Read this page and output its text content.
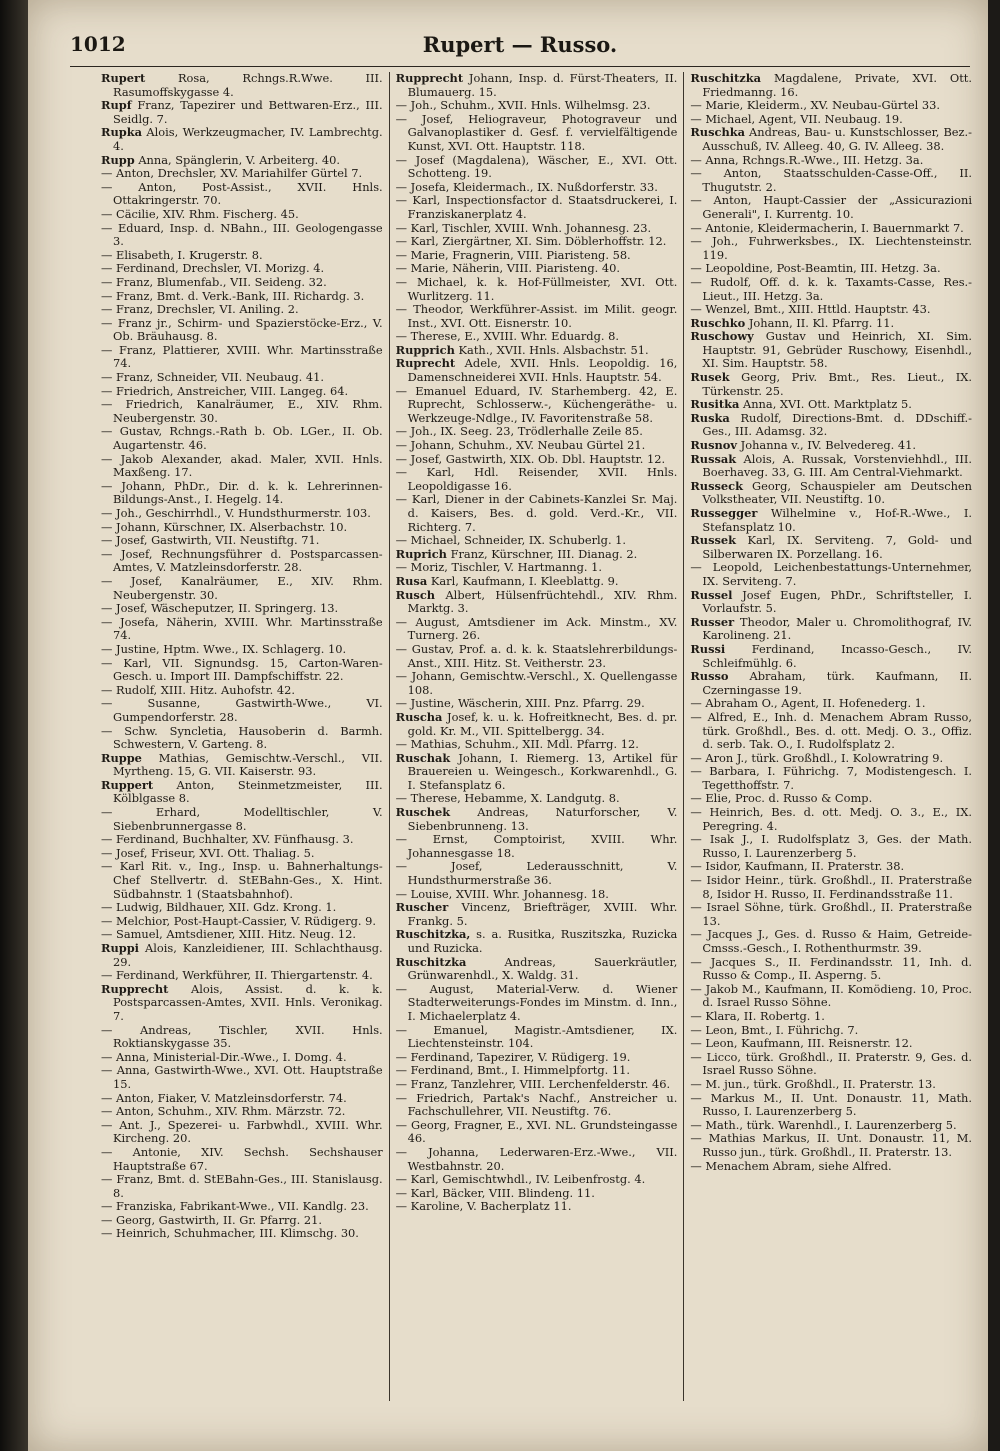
1012	Rupert — Russo.

Rupert	Rosa, Rchngs.R.Wwe. III. Rasumoffskygasse 4.

Rupf Franz, Tapezirer und Bettwaren-Erz., III. Seidlg. 7.

Rupka Alois, Werkzeugmacher, IV. Lambrechtg. 4.

Rupp Anna, Spänglerin, V. Arbeiterg. 40.

— Anton, Drechsler, XV. Mariahilfer Gürtel 7.

— Anton, Post-Assist., XVII. Hnls. Ottakringerstr. 70.

— Cäcilie, XIV. Rhm. Fischerg. 45.

— Eduard, Insp. d. NBahn., III. Geologengasse 3.

— Elisabeth, I. Krugerstr. 8.

— Ferdinand, Drechsler, VI. Morizg. 4.

— Franz, Blumenfab., VII. Seideng. 32.

— Franz, Bmt. d. Verk.-Bank, III. Richardg. 3.

— Franz, Drechsler, VI. Aniling. 2.

— Franz jr., Schirm- und Spazierstöcke-Erz., V. Ob. Bräuhausg. 8.

— Franz, Plattierer, XVIII. Whr. Martinsstraße 74.

— Franz, Schneider, VII. Neubaug. 41.

— Friedrich, Anstreicher, VIII. Langeg. 64.

— Friedrich, Kanalräumer, E., XIV. Rhm. Neubergenstr. 30.

— Gustav, Rchngs.-Rath b. Ob. LGer., II. Ob. Augartenstr. 46.

— Jakob Alexander, akad. Maler, XVII. Hnls. Maxßeng. 17.

— Johann, PhDr., Dir. d. k. k. Lehrerinnen-Bildungs-Anst., I. Hegelg. 14.

— Joh., Geschirrhdl., V. Hundsthurmerstr. 103.

— Johann, Kürschner, IX. Alserbachstr. 10.

— Josef, Gastwirth, VII. Neustiftg. 71.

— Josef, Rechnungsführer d. Postsparcassen-Amtes, V. Matzleinsdorferstr. 28.

— Josef, Kanalräumer, E., XIV. Rhm. Neubergenstr. 30.

— Josef, Wäscheputzer, II. Springerg. 13.

— Josefa, Näherin, XVIII. Whr. Martinsstraße 74.

— Justine, Hptm. Wwe., IX. Schlagerg. 10.

— Karl, VII. Signundsg. 15, Carton-Waren-Gesch. u. Import III. Dampfschiffstr. 22.

— Rudolf, XIII. Hitz. Auhofstr. 42.

— Susanne, Gastwirth-Wwe., VI. Gumpendorferstr. 28.

— Schw. Syncletia, Hausoberin d. Barmh. Schwestern, V. Garteng. 8.

Ruppe Mathias, Gemischtw.-Verschl., VII. Myrtheng. 15, G. VII. Kaiserstr. 93.

Ruppert Anton, Steinmetzmeister, III. Kölblgasse 8.

— Erhard, Modelltischler, V. Siebenbrunnergasse 8.

— Ferdinand, Buchhalter, XV. Fünfhausg. 3.

— Josef, Friseur, XVI. Ott. Thaliag. 5.

— Karl Rit. v., Ing., Insp. u. Bahnerhaltungs-Chef Stellvertr. d. StEBahn-Ges., X. Hint. Südbahnstr. 1 (Staatsbahnhof).

— Ludwig, Bildhauer, XII. Gdz. Krong. 1.

— Melchior, Post-Haupt-Cassier, V. Rüdigerg. 9.

— Samuel, Amtsdiener, XIII. Hitz. Neug. 12.

Ruppi Alois, Kanzleidiener, III. Schlachthausg. 29.

— Ferdinand, Werkführer, II. Thiergartenstr. 4.

Rupprecht Alois, Assist. d. k. k. Postsparcassen-Amtes, XVII. Hnls. Veronikag. 7.

— Andreas, Tischler, XVII. Hnls. Roktianskygasse 35.

— Anna, Ministerial-Dir.-Wwe., I. Domg. 4.

— Anna, Gastwirth-Wwe., XVI. Ott. Hauptstraße 15.

— Anton, Fiaker, V. Matzleinsdorferstr. 74.

— Anton, Schuhm., XIV. Rhm. Märzstr. 72.

— Ant. J., Spezerei- u. Farbwhdl., XVIII. Whr. Kircheng. 20.

— Antonie, XIV. Sechsh. Sechshauser Hauptstraße 67.

— Franz, Bmt. d. StEBahn-Ges., III. Stanislausg. 8.

— Franziska, Fabrikant-Wwe., VII. Kandlg. 23.

— Georg, Gastwirth, II. Gr. Pfarrg. 21.

— Heinrich, Schuhmacher, III. Klimschg. 30.

Rupprecht Johann, Insp. d. Fürst-Theaters, II. Blumauerg. 15.

— Joh., Schuhm., XVII. Hnls. Wilhelmsg. 23.

— Josef, Heliograveur, Photograveur und Galvanoplastiker d. Gesf. f. vervielfältigende Kunst, XVI. Ott. Hauptstr. 118.

— Josef (Magdalena), Wäscher, E., XVI. Ott. Schotteng. 19.

— Josefa, Kleidermach., IX. Nußdorferstr. 33.

— Karl, Inspectionsfactor d. Staatsdruckerei, I. Franziskanerplatz 4.

— Karl, Tischler, XVIII. Wnh. Johannesg. 23.

— Karl, Ziergärtner, XI. Sim. Döblerhoffstr. 12.

— Marie, Fragnerin, VIII. Piaristeng. 58.

— Marie, Näherin, VIII. Piaristeng. 40.

— Michael, k. k. Hof-Füllmeister, XVI. Ott. Wurlitzerg. 11.

— Theodor, Werkführer-Assist. im Milit. geogr. Inst., XVI. Ott. Eisnerstr. 10.

— Therese, E., XVIII. Whr. Eduardg. 8.

Rupprich Kath., XVII. Hnls. Alsbachstr. 51.

Ruprecht Adele, XVII. Hnls. Leopoldig. 16, Damenschneiderei XVII. Hnls. Hauptstr. 54.

— Emanuel Eduard, IV. Starhemberg. 42, E. Ruprecht, Schlosserw.-, Küchengeräthe- u. Werkzeuge-Ndlge., IV. Favoritenstraße 58.

— Joh., IX. Seeg. 23, Trödlerhalle Zeile 85.

— Johann, Schuhm., XV. Neubau Gürtel 21.

— Josef, Gastwirth, XIX. Ob. Dbl. Hauptstr. 12.

— Karl, Hdl. Reisender, XVII. Hnls. Leopoldigasse 16.

— Karl, Diener in der Cabinets-Kanzlei Sr. Maj. d. Kaisers, Bes. d. gold. Verd.-Kr., VII. Richterg. 7.

— Michael, Schneider, IX. Schuberlg. 1.

Ruprich Franz, Kürschner, III. Dianag. 2.

— Moriz, Tischler, V. Hartmanng. 1.

Rusa Karl, Kaufmann, I. Kleeblattg. 9.

Rusch Albert, Hülsenfrüchtehdl., XIV. Rhm. Marktg. 3.

— August, Amtsdiener im Ack. Minstm., XV. Turnerg. 26.

— Gustav, Prof. a. d. k. k. Staatslehrerbildungs-Anst., XIII. Hitz. St. Veitherstr. 23.

— Johann, Gemischtw.-Verschl., X. Quellengasse 108.

— Justine, Wäscherin, XIII. Pnz. Pfarrg. 29.

Ruscha Josef, k. u. k. Hofreitknecht, Bes. d. pr. gold. Kr. M., VII. Spittelbergg. 34.

— Mathias, Schuhm., XII. Mdl. Pfarrg. 12.

Ruschak Johann, I. Riemerg. 13, Artikel für Brauereien u. Weingesch., Korkwarenhdl., G. I. Stefansplatz 6.

— Therese, Hebamme, X. Landgutg. 8.

Ruschek Andreas, Naturforscher, V. Siebenbrunneng. 13.

— Ernst, Comptoirist, XVIII. Whr. Johannesgasse 18.

— Josef, Lederausschnitt, V. Hundsthurmerstraße 36.

— Louise, XVIII. Whr. Johannesg. 18.

Ruscher Vincenz, Briefträger, XVIII. Whr. Frankg. 5.

Ruschitzka, s. a. Rusitka, Ruszitszka, Ruzicka und Ruzicka.

Ruschitzka	Andreas, Sauerkräutler, Grünwarenhdl., X. Waldg. 31.

— August, Material-Verw. d. Wiener Stadterweiterungs-Fondes im Minstm. d. Inn., I. Michaelerplatz 4.

— Emanuel, Magistr.-Amtsdiener, IX. Liechtensteinstr. 104.

— Ferdinand, Tapezirer, V. Rüdigerg. 19.

— Ferdinand, Bmt., I. Himmelpfortg. 11.

— Franz, Tanzlehrer, VIII. Lerchenfelderstr. 46.

— Friedrich, Partak's Nachf., Anstreicher u. Fachschullehrer, VII. Neustiftg. 76.

— Georg, Fragner, E., XVI. NL. Grundsteingasse 46.

— Johanna, Lederwaren-Erz.-Wwe., VII. Westbahnstr. 20.

— Karl, Gemischtwhdl., IV. Leibenfrostg. 4.

— Karl, Bäcker, VIII. Blindeng. 11.

— Karoline, V. Bacherplatz 11.

Ruschitzka Magdalene, Private, XVI. Ott. Friedmanng. 16.

— Marie, Kleiderm., XV. Neubau-Gürtel 33.

— Michael, Agent, VII. Neubaug. 19.

Ruschka Andreas, Bau- u. Kunstschlosser, Bez.-Ausschuß, IV. Alleeg. 40, G. IV. Alleeg. 38.

— Anna, Rchngs.R.-Wwe., III. Hetzg. 3a.

— Anton, Staatsschulden-Casse-Off., II. Thugutstr. 2.

— Anton, Haupt-Cassier der „Assicurazioni Generali", I. Kurrentg. 10.

— Antonie, Kleidermacherin, I. Bauernmarkt 7.

— Joh., Fuhrwerksbes., IX. Liechtensteinstr. 119.

— Leopoldine, Post-Beamtin, III. Hetzg. 3a.

— Rudolf, Off. d. k. k. Taxamts-Casse, Res.-Lieut., III. Hetzg. 3a.

— Wenzel, Bmt., XIII. Httld. Hauptstr. 43.

Ruschko Johann, II. Kl. Pfarrg. 11.

Ruschowy Gustav und Heinrich, XI. Sim. Hauptstr. 91, Gebrüder Ruschowy, Eisenhdl., XI. Sim. Hauptstr. 58.

Rusek Georg, Priv. Bmt., Res. Lieut., IX. Türkenstr. 25.

Rusitka Anna, XVI. Ott. Marktplatz 5.

Ruska Rudolf, Directions-Bmt. d. DDschiff.-Ges., III. Adamsg. 32.

Rusnov Johanna v., IV. Belvedereg. 41.

Russak Alois, A. Russak, Vorstenviehhdl., III. Boerhaveg. 33, G. III. Am Central-Viehmarkt.

Russeck Georg, Schauspieler am Deutschen Volkstheater, VII. Neustiftg. 10.

Russegger Wilhelmine v., Hof-R.-Wwe., I. Stefansplatz 10.

Russek Karl, IX. Serviteng. 7, Gold- und Silberwaren IX. Porzellang. 16.

— Leopold, Leichenbestattungs-Unternehmer, IX. Serviteng. 7.

Russel Josef Eugen, PhDr., Schriftsteller, I. Vorlaufstr. 5.

Russer Theodor, Maler u. Chromolithograf, IV. Karolineng. 21.

Russi Ferdinand, Incasso-Gesch., IV. Schleifmühlg. 6.

Russo Abraham, türk. Kaufmann, II. Czerningasse 19.

— Abraham O., Agent, II. Hofenederg. 1.

— Alfred, E., Inh. d. Menachem Abram Russo, türk. Großhdl., Bes. d. ott. Medj. O. 3., Offiz. d. serb. Tak. O., I. Rudolfsplatz 2.

— Aron J., türk. Großhdl., I. Kolowratring 9.

— Barbara, I. Führichg. 7, Modistengesch. I. Tegetthoffstr. 7.

— Elie, Proc. d. Russo & Comp.

— Heinrich, Bes. d. ott. Medj. O. 3., E., IX. Peregring. 4.

— Isak J., I. Rudolfsplatz 3, Ges. der Math. Russo, I. Laurenzerberg 5.

— Isidor, Kaufmann, II. Praterstr. 38.

— Isidor Heinr., türk. Großhdl., II. Praterstraße 8, Isidor H. Russo, II. Ferdinandsstraße 11.

— Israel Söhne, türk. Großhdl., II. Praterstraße 13.

— Jacques J., Ges. d. Russo & Haim, Getreide-Cmsss.-Gesch., I. Rothenthurmstr. 39.

— Jacques S., II. Ferdinandsstr. 11, Inh. d. Russo & Comp., II. Asperng. 5.

— Jakob M., Kaufmann, II. Komödieng. 10, Proc. d. Israel Russo Söhne.

— Klara, II. Robertg. 1.

— Leon, Bmt., I. Führichg. 7.

— Leon, Kaufmann, III. Reisnerstr. 12.

— Licco, türk. Großhdl., II. Praterstr. 9, Ges. d. Israel Russo Söhne.

— M. jun., türk. Großhdl., II. Praterstr. 13.

— Markus M., II. Unt. Donaustr. 11, Math. Russo, I. Laurenzerberg 5.

— Math., türk. Warenhdl., I. Laurenzerberg 5.

— Mathias Markus, II. Unt. Donaustr. 11, M. Russo jun., türk. Großhdl., II. Praterstr. 13.

— Menachem Abram, siehe Alfred.
